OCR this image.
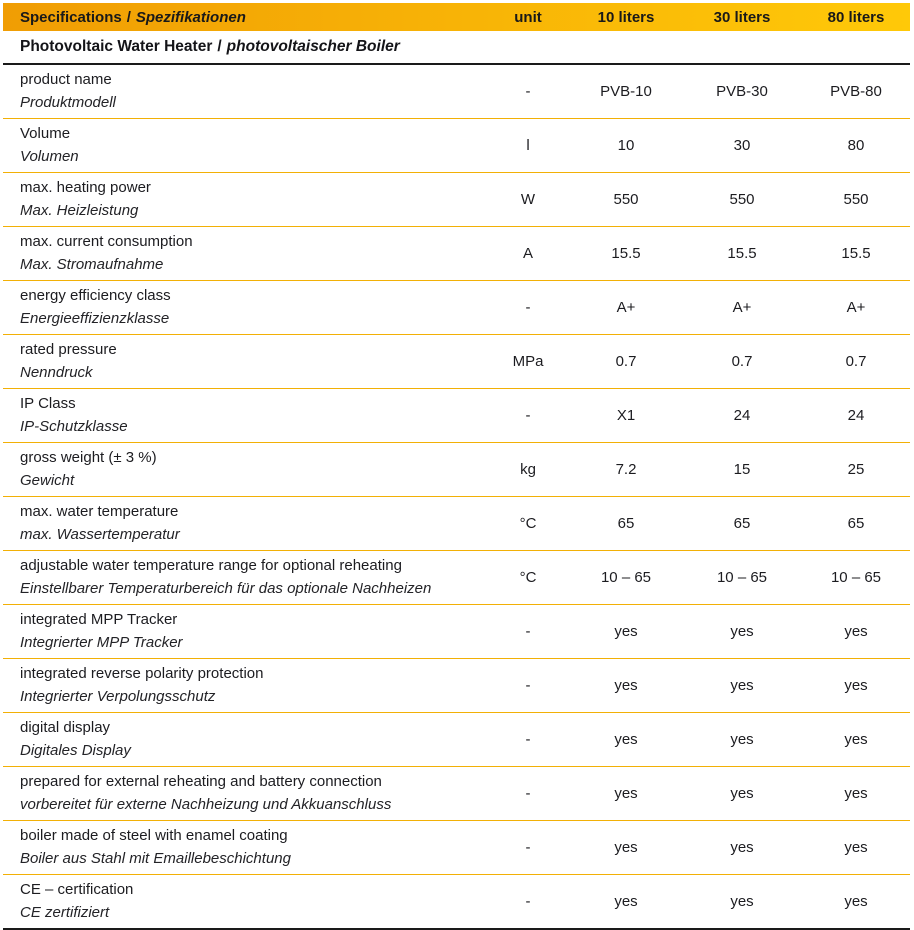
Specifications / Spezifikationen	unit	10 liters	30 liters	80 liters
Photovoltaic Water Heater / photovoltaischer Boiler
product name
Produktmodell
-	PVB-10	PVB-30	PVB-80
Volume
Volumen
l	10	30	80
max. heating power
Max. Heizleistung
W	550	550	550
max. current consumption
Max. Stromaufnahme
A	15.5	15.5	15.5
energy efficiency class
Energieeffizienzklasse
-	A+	A+	A+
rated pressure
Nenndruck
MPa	0.7	0.7	0.7
IP Class
IP-Schutzklasse
-	X1	24	24
gross weight (± 3 %)
Gewicht
kg	7.2	15	25
max. water temperature
max. Wassertemperatur
°C	65	65	65
adjustable water temperature range for optional reheating
Einstellbarer Temperaturbereich für das optionale Nachheizen
°C	10 – 65	10 – 65	10 – 65
integrated MPP Tracker
Integrierter MPP Tracker
-	yes	yes	yes
integrated reverse polarity protection
Integrierter Verpolungsschutz
-	yes	yes	yes
digital display
Digitales Display
-	yes	yes	yes
prepared for external reheating and battery connection
vorbereitet für externe Nachheizung und Akkuanschluss
-	yes	yes	yes
boiler made of steel with enamel coating
Boiler aus Stahl mit Emaillebeschichtung
-	yes	yes	yes
CE – certification
CE zertifiziert
-	yes	yes	yes
